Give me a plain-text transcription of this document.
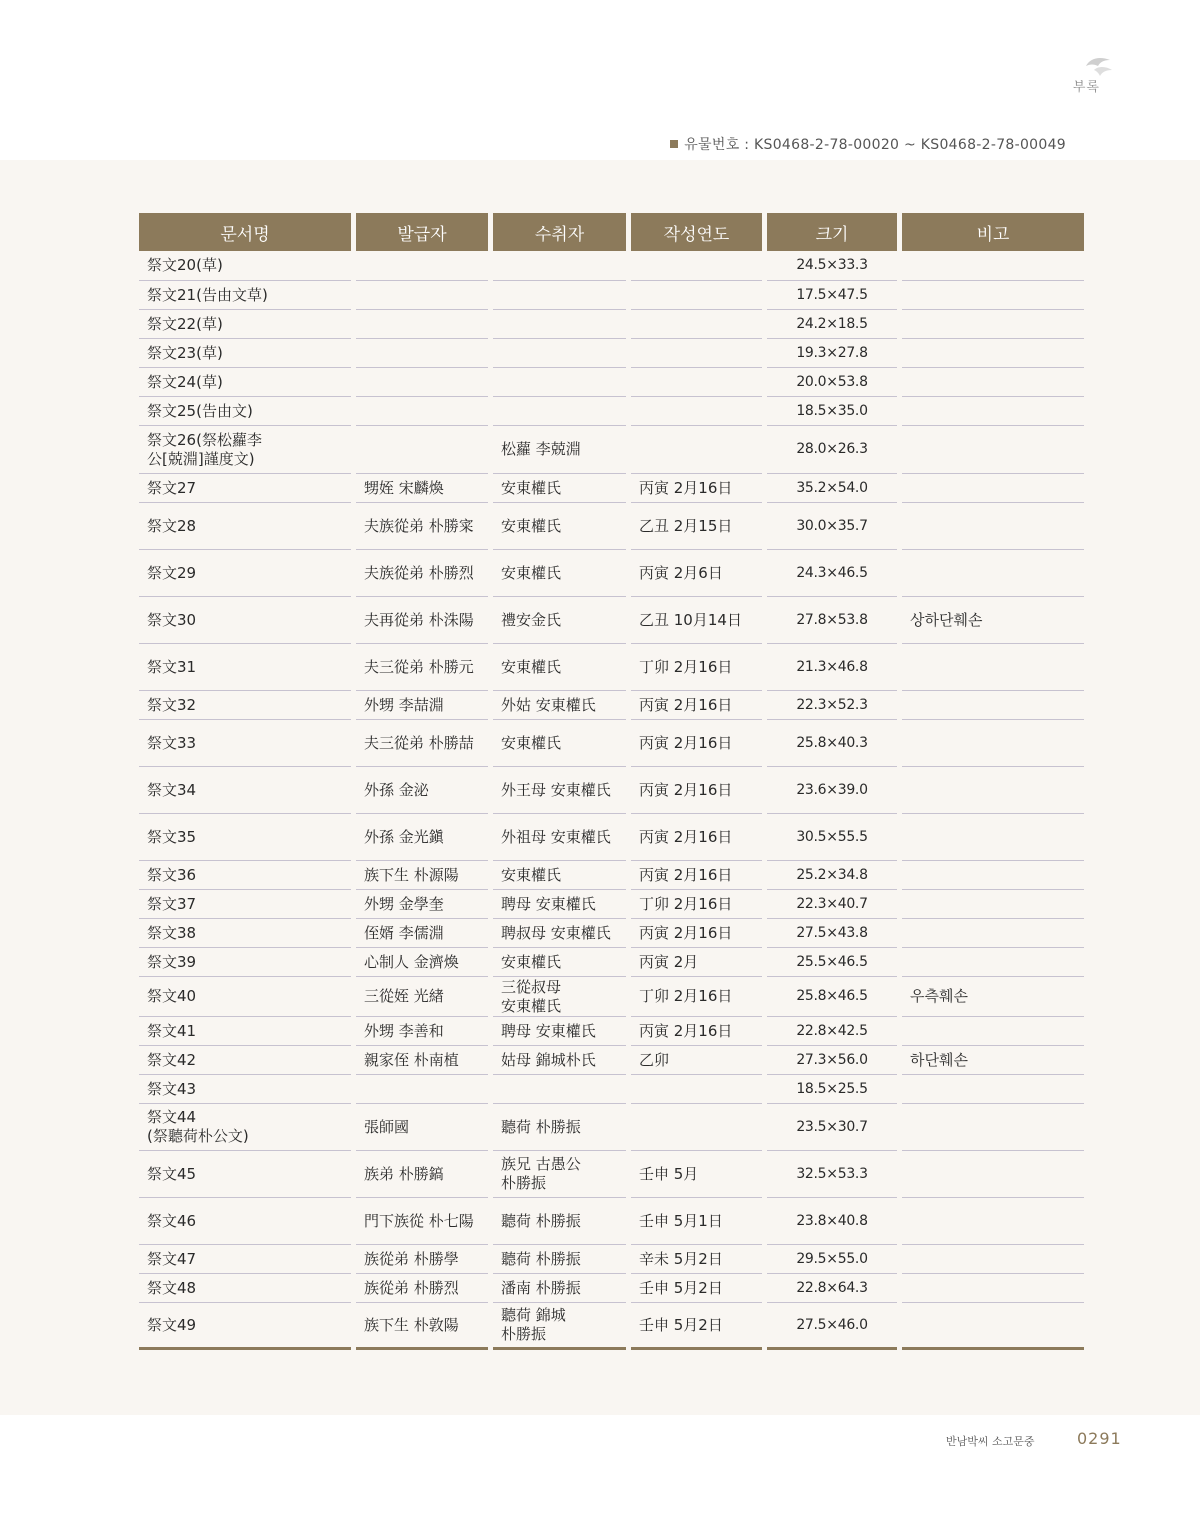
부록
유물번호 : KS0468-2-78-00020 ~ KS0468-2-78-00049
문서명	발급자	수취자	작성연도	크기	비고
祭文20(草)				24.5×33.3	
祭文21(告由文草)				17.5×47.5	
祭文22(草)				24.2×18.5	
祭文23(草)				19.3×27.8	
祭文24(草)				20.0×53.8	
祭文25(告由文)				18.5×35.0	
祭文26(祭松蘿李
公[兢淵]謹度文)		松蘿 李兢淵		28.0×26.3	
祭文27	甥姪 宋麟煥	安東權氏	丙寅 2月16日	35.2×54.0	
祭文28	夫族從弟 朴勝寀	安東權氏	乙丑 2月15日	30.0×35.7	
祭文29	夫族從弟 朴勝烈	安東權氏	丙寅 2月6日	24.3×46.5	
祭文30	夫再從弟 朴洙陽	禮安金氏	乙丑 10月14日	27.8×53.8	상하단훼손
祭文31	夫三從弟 朴勝元	安東權氏	丁卯 2月16日	21.3×46.8	
祭文32	外甥 李喆淵	外姑 安東權氏	丙寅 2月16日	22.3×52.3	
祭文33	夫三從弟 朴勝喆	安東權氏	丙寅 2月16日	25.8×40.3	
祭文34	外孫 金泌	外王母 安東權氏	丙寅 2月16日	23.6×39.0	
祭文35	外孫 金光鎭	外祖母 安東權氏	丙寅 2月16日	30.5×55.5	
祭文36	族下生 朴源陽	安東權氏	丙寅 2月16日	25.2×34.8	
祭文37	外甥 金學奎	聘母 安東權氏	丁卯 2月16日	22.3×40.7	
祭文38	侄婿 李儒淵	聘叔母 安東權氏	丙寅 2月16日	27.5×43.8	
祭文39	心制人 金濟煥	安東權氏	丙寅 2月	25.5×46.5	
祭文40	三從姪 光緖	三從叔母
安東權氏	丁卯 2月16日	25.8×46.5	우측훼손
祭文41	外甥 李善和	聘母 安東權氏	丙寅 2月16日	22.8×42.5	
祭文42	親家侄 朴南植	姑母 錦城朴氏	乙卯	27.3×56.0	하단훼손
祭文43				18.5×25.5	
祭文44
(祭聽荷朴公文)	張師國	聽荷 朴勝振		23.5×30.7	
祭文45	族弟 朴勝鎬	族兄 古愚公
朴勝振	壬申 5月	32.5×53.3	
祭文46	門下族從 朴七陽	聽荷 朴勝振	壬申 5月1日	23.8×40.8	
祭文47	族從弟 朴勝學	聽荷 朴勝振	辛未 5月2日	29.5×55.0	
祭文48	族從弟 朴勝烈	潘南 朴勝振	壬申 5月2日	22.8×64.3	
祭文49	族下生 朴敦陽	聽荷 錦城
朴勝振	壬申 5月2日	27.5×46.0	
반남박씨 소고문중	0291
